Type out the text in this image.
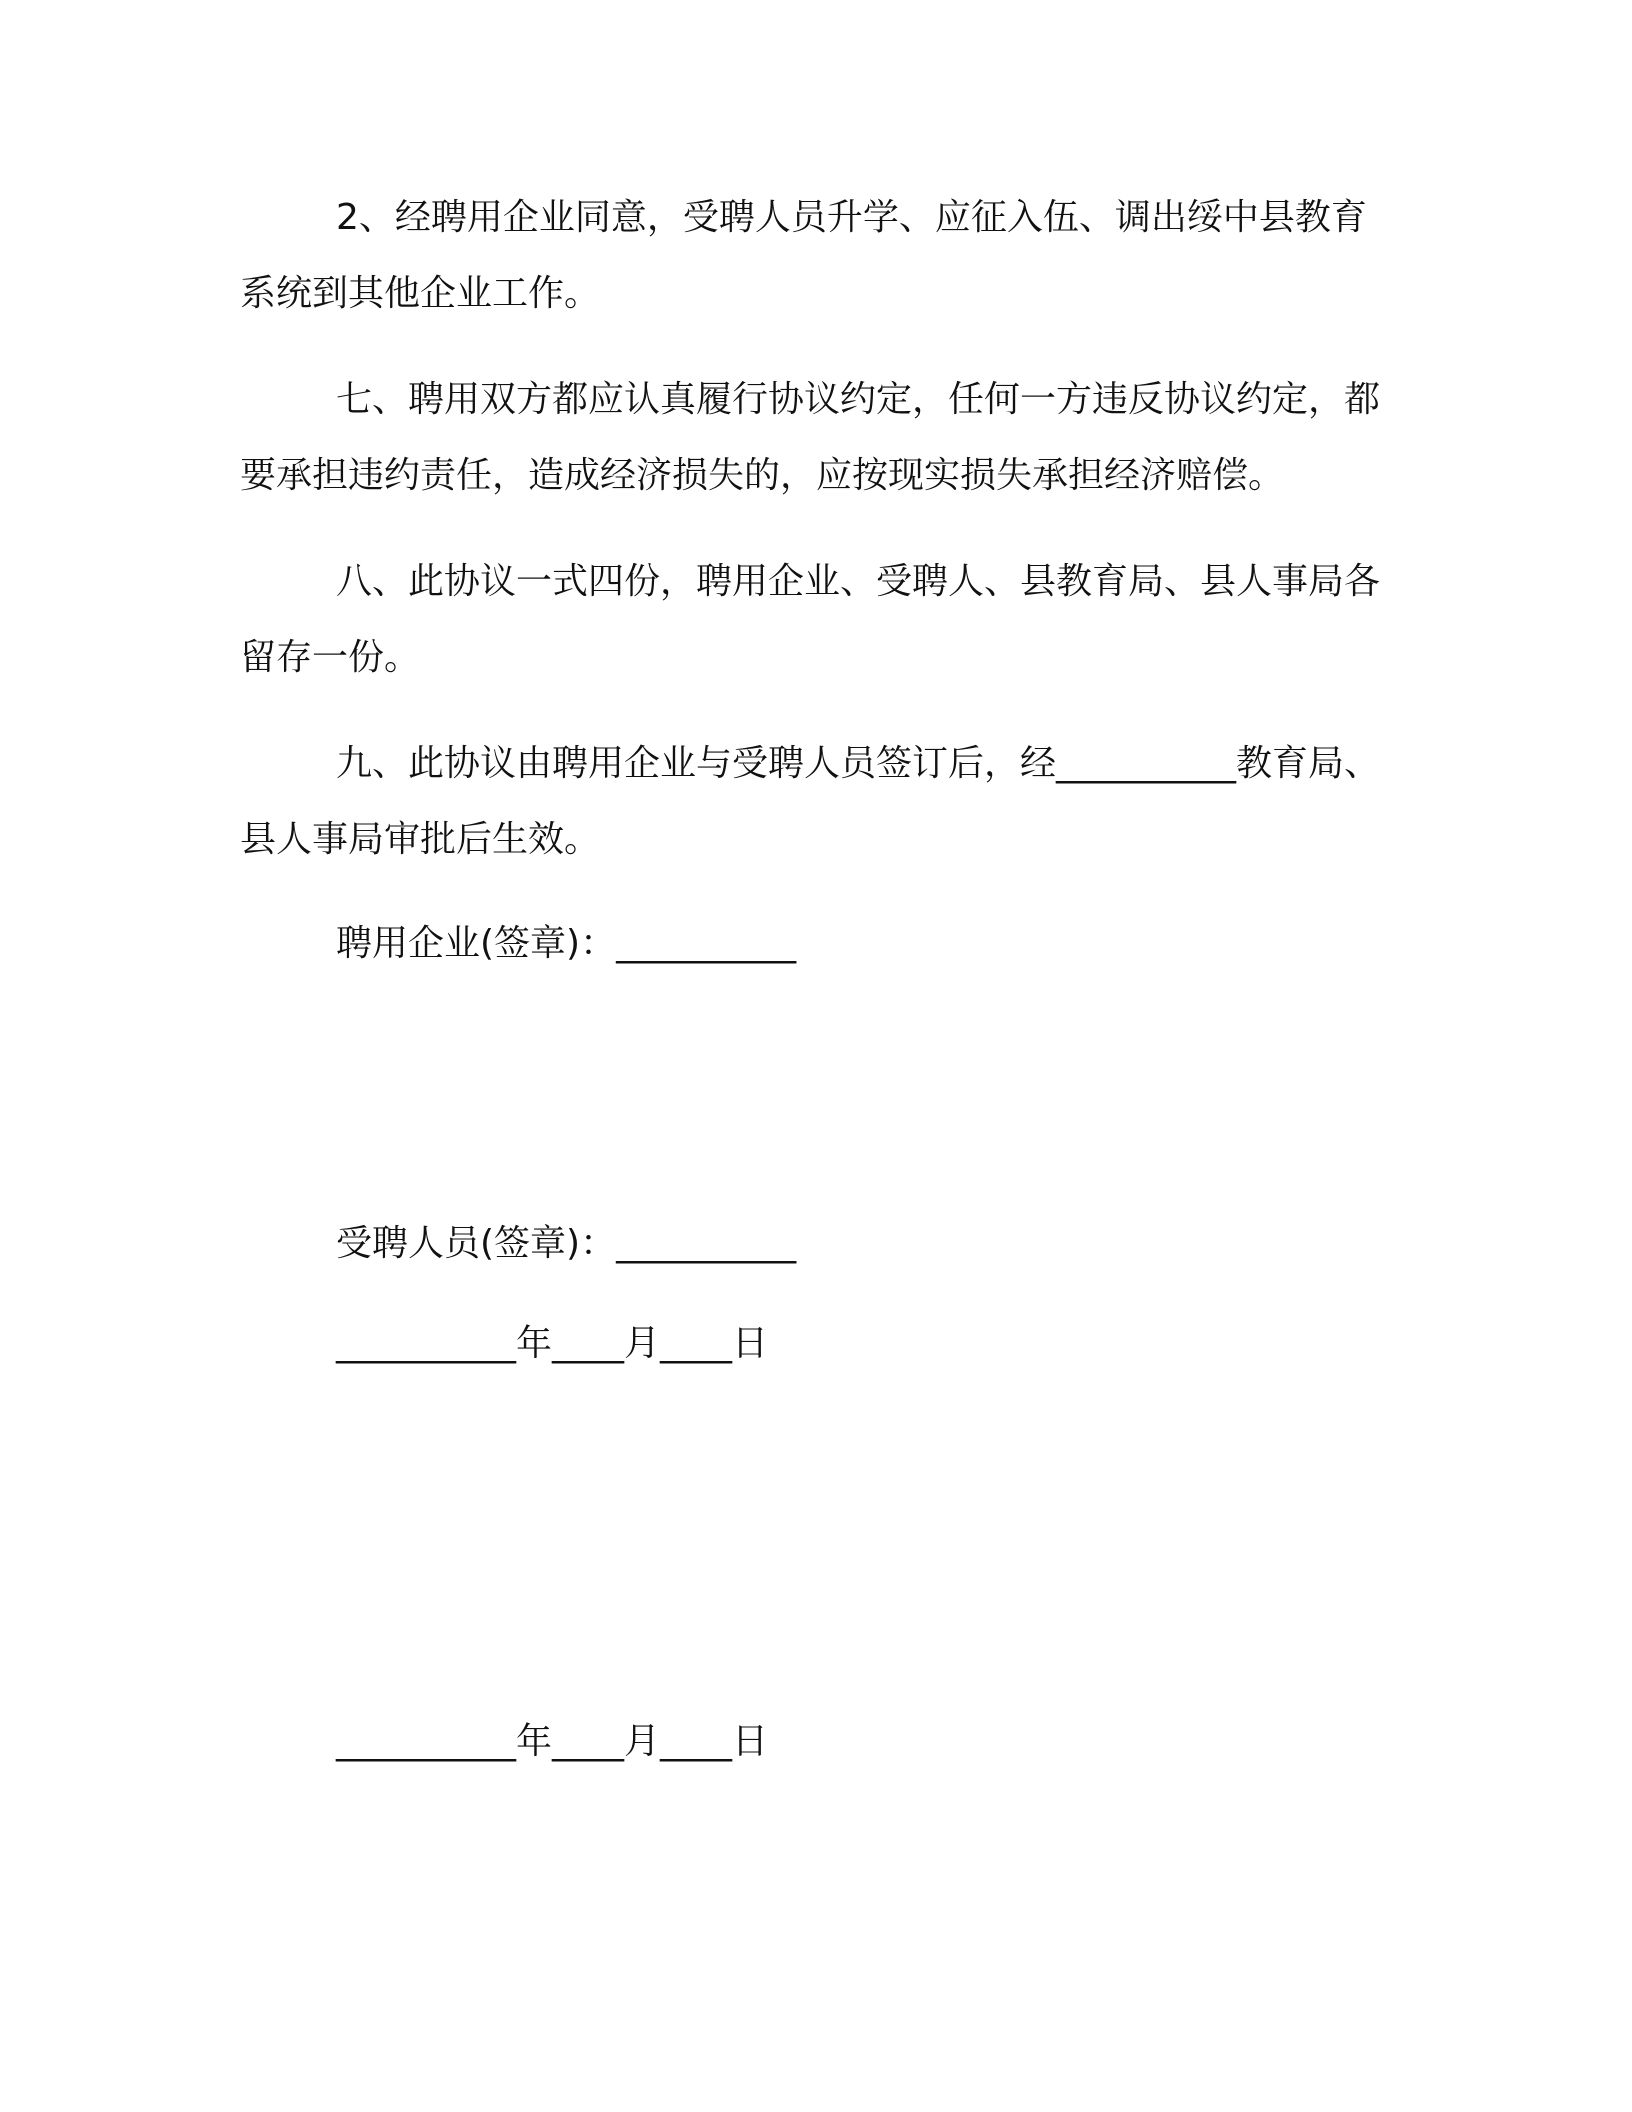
2、经聘用企业同意，受聘人员升学、应征入伍、调出绥中县教育系统到其他企业工作。

七、聘用双方都应认真履行协议约定，任何一方违反协议约定，都要承担违约责任，造成经济损失的，应按现实损失承担经济赔偿。

八、此协议一式四份，聘用企业、受聘人、县教育局、县人事局各留存一份。

九、此协议由聘用企业与受聘人员签订后，经__________教育局、县人事局审批后生效。

聘用企业(签章)：__________

受聘人员(签章)：__________

__________年____月____日

__________年____月____日
